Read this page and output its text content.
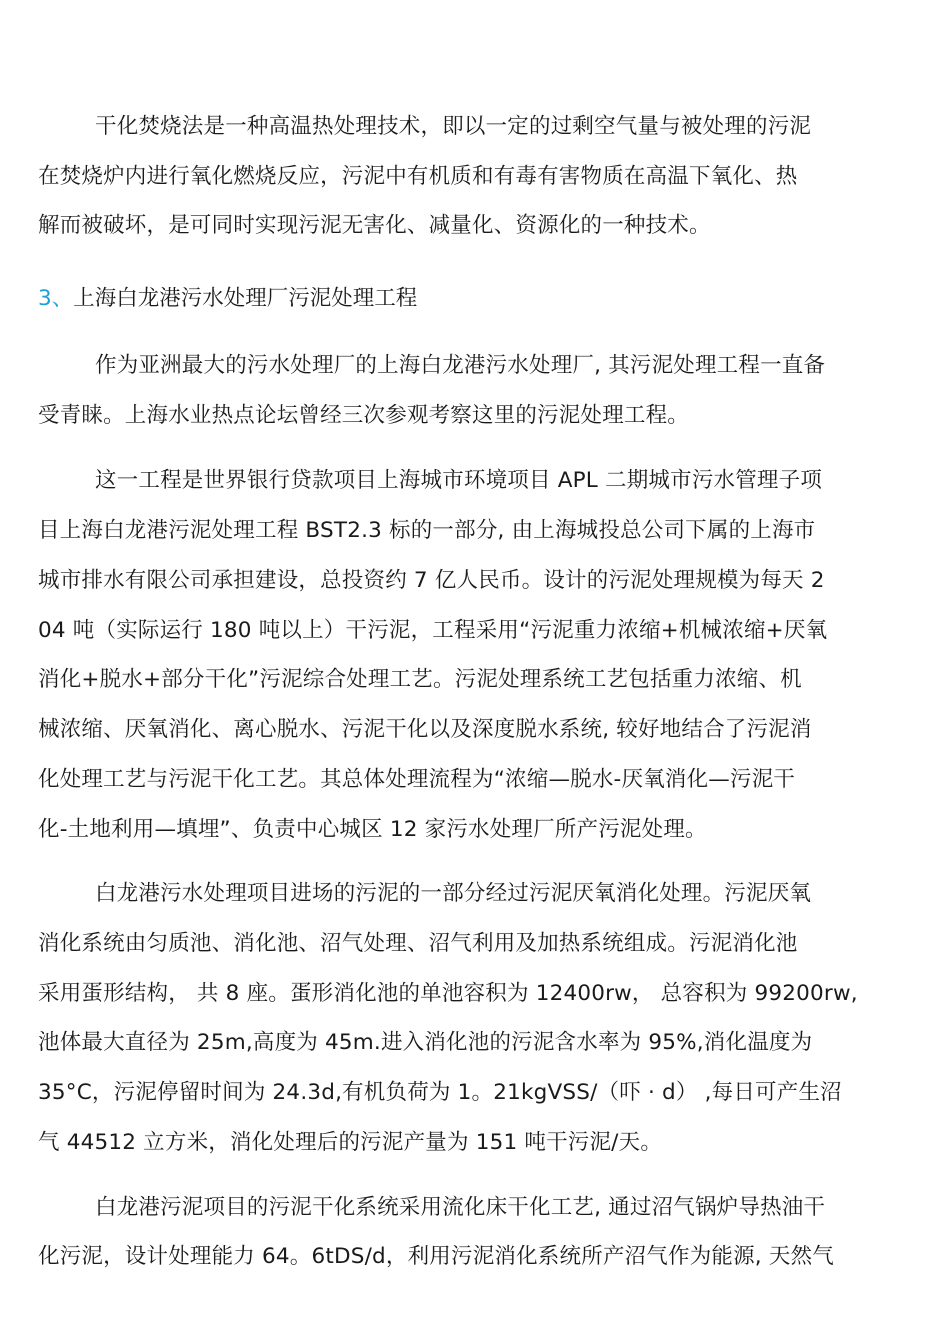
干化焚烧法是一种高温热处理技术，即以一定的过剩空气量与被处理的污泥
在焚烧炉内进行氧化燃烧反应，污泥中有机质和有毒有害物质在高温下氧化、热
解而被破坏，是可同时实现污泥无害化、减量化、资源化的一种技术。
3、上海白龙港污水处理厂污泥处理工程
作为亚洲最大的污水处理厂的上海白龙港污水处理厂, 其污泥处理工程一直备
受青睐。上海水业热点论坛曾经三次参观考察这里的污泥处理工程。
这一工程是世界银行贷款项目上海城市环境项目 APL 二期城市污水管理子项
目上海白龙港污泥处理工程 BST2.3 标的一部分, 由上海城投总公司下属的上海市
城市排水有限公司承担建设，总投资约 7 亿人民币。设计的污泥处理规模为每天 2
04 吨（实际运行 180 吨以上）干污泥，工程采用“污泥重力浓缩+机械浓缩+厌氧
消化+脱水+部分干化”污泥综合处理工艺。污泥处理系统工艺包括重力浓缩、机
械浓缩、厌氧消化、离心脱水、污泥干化以及深度脱水系统, 较好地结合了污泥消
化处理工艺与污泥干化工艺。其总体处理流程为“浓缩—脱水-厌氧消化—污泥干
化-土地利用—填埋”、负责中心城区 12 家污水处理厂所产污泥处理。
白龙港污水处理项目进场的污泥的一部分经过污泥厌氧消化处理。污泥厌氧
消化系统由匀质池、消化池、沼气处理、沼气利用及加热系统组成。污泥消化池
采用蛋形结构， 共 8 座。蛋形消化池的单池容积为 12400rw， 总容积为 99200rw,
池体最大直径为 25m,高度为 45m.进入消化池的污泥含水率为 95%,消化温度为
35°C，污泥停留时间为 24.3d,有机负荷为 1。21kgVSS/（吓 · d） ,每日可产生沼
气 44512 立方米，消化处理后的污泥产量为 151 吨干污泥/天。
白龙港污泥项目的污泥干化系统采用流化床干化工艺, 通过沼气锅炉导热油干
化污泥，设计处理能力 64。6tDS/d，利用污泥消化系统所产沼气作为能源, 天然气
